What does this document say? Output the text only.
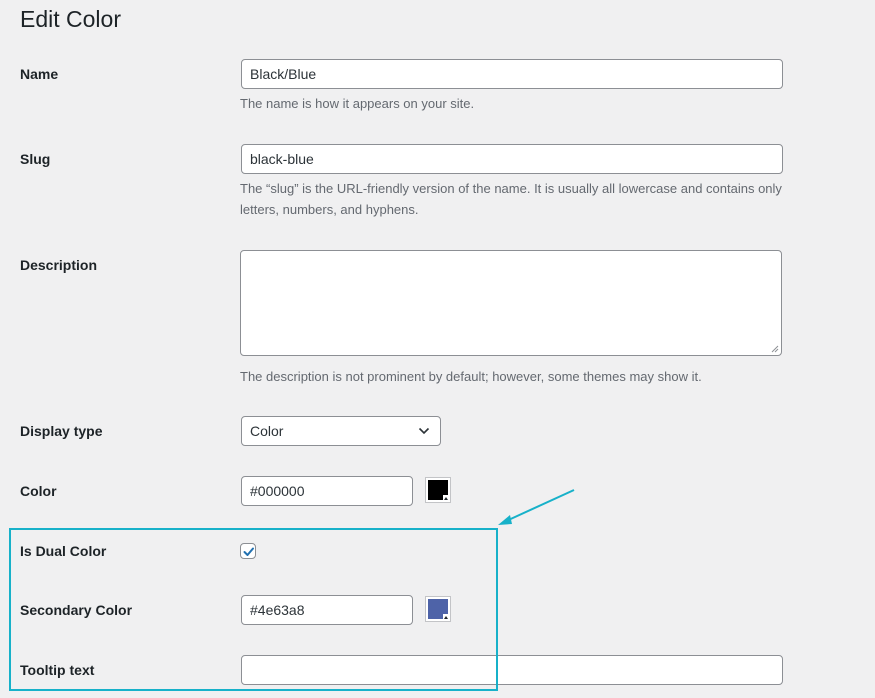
Edit Color
Name	Black/Blue
The name is how it appears on your site.
Slug	black-blue
The “slug” is the URL-friendly version of the name. It is usually all lowercase and contains only letters, numbers, and hyphens.
Description
The description is not prominent by default; however, some themes may show it.
Display type	Color
Color	#000000
Is Dual Color
Secondary Color	#4e63a8
Tooltip text
